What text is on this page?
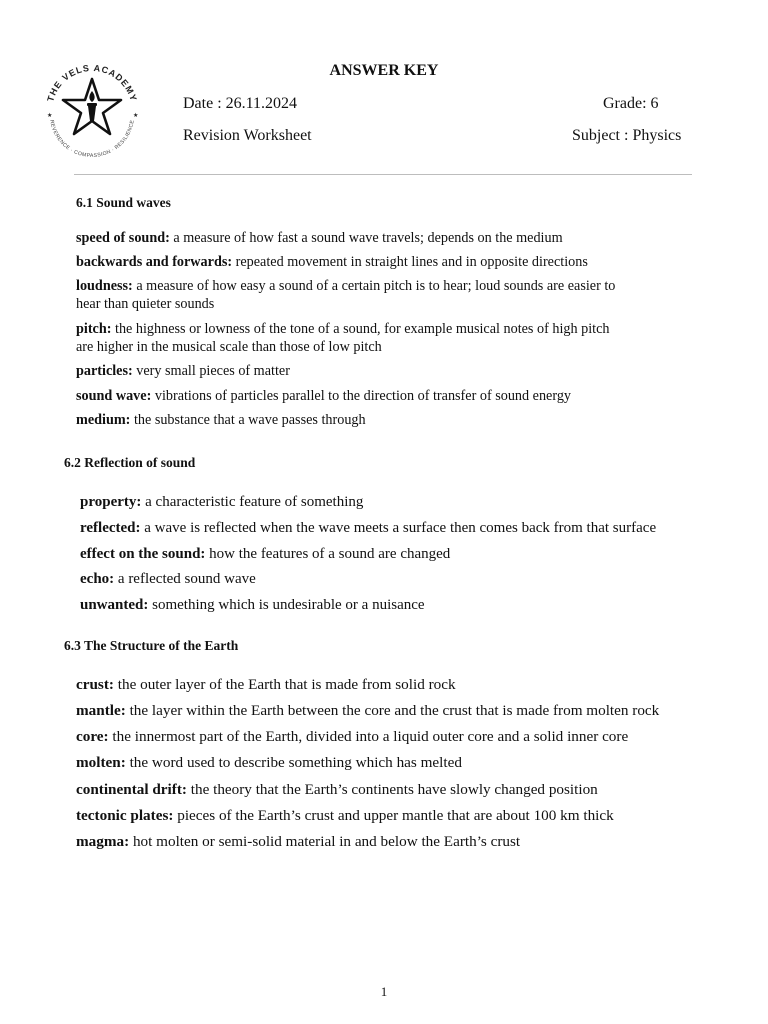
THE VELS ACADEMY
REVERENCE · COMPASSION · RESILIENCE
★	★
ANSWER KEY
Date : 26.11.2024	Grade: 6
Revision Worksheet	Subject : Physics
6.1 Sound waves
speed of sound: a measure of how fast a sound wave travels; depends on the medium
backwards and forwards: repeated movement in straight lines and in opposite directions
loudness: a measure of how easy a sound of a certain pitch is to hear; loud sounds are easier to
hear than quieter sounds
pitch: the highness or lowness of the tone of a sound, for example musical notes of high pitch
are higher in the musical scale than those of low pitch
particles: very small pieces of matter
sound wave: vibrations of particles parallel to the direction of transfer of sound energy
medium: the substance that a wave passes through
6.2 Reflection of sound
property: a characteristic feature of something
reflected: a wave is reflected when the wave meets a surface then comes back from that surface
effect on the sound: how the features of a sound are changed
echo: a reflected sound wave
unwanted: something which is undesirable or a nuisance
6.3 The Structure of the Earth
crust: the outer layer of the Earth that is made from solid rock
mantle: the layer within the Earth between the core and the crust that is made from molten rock
core: the innermost part of the Earth, divided into a liquid outer core and a solid inner core
molten: the word used to describe something which has melted
continental drift: the theory that the Earth’s continents have slowly changed position
tectonic plates: pieces of the Earth’s crust and upper mantle that are about 100 km thick
magma: hot molten or semi-solid material in and below the Earth’s crust
1
